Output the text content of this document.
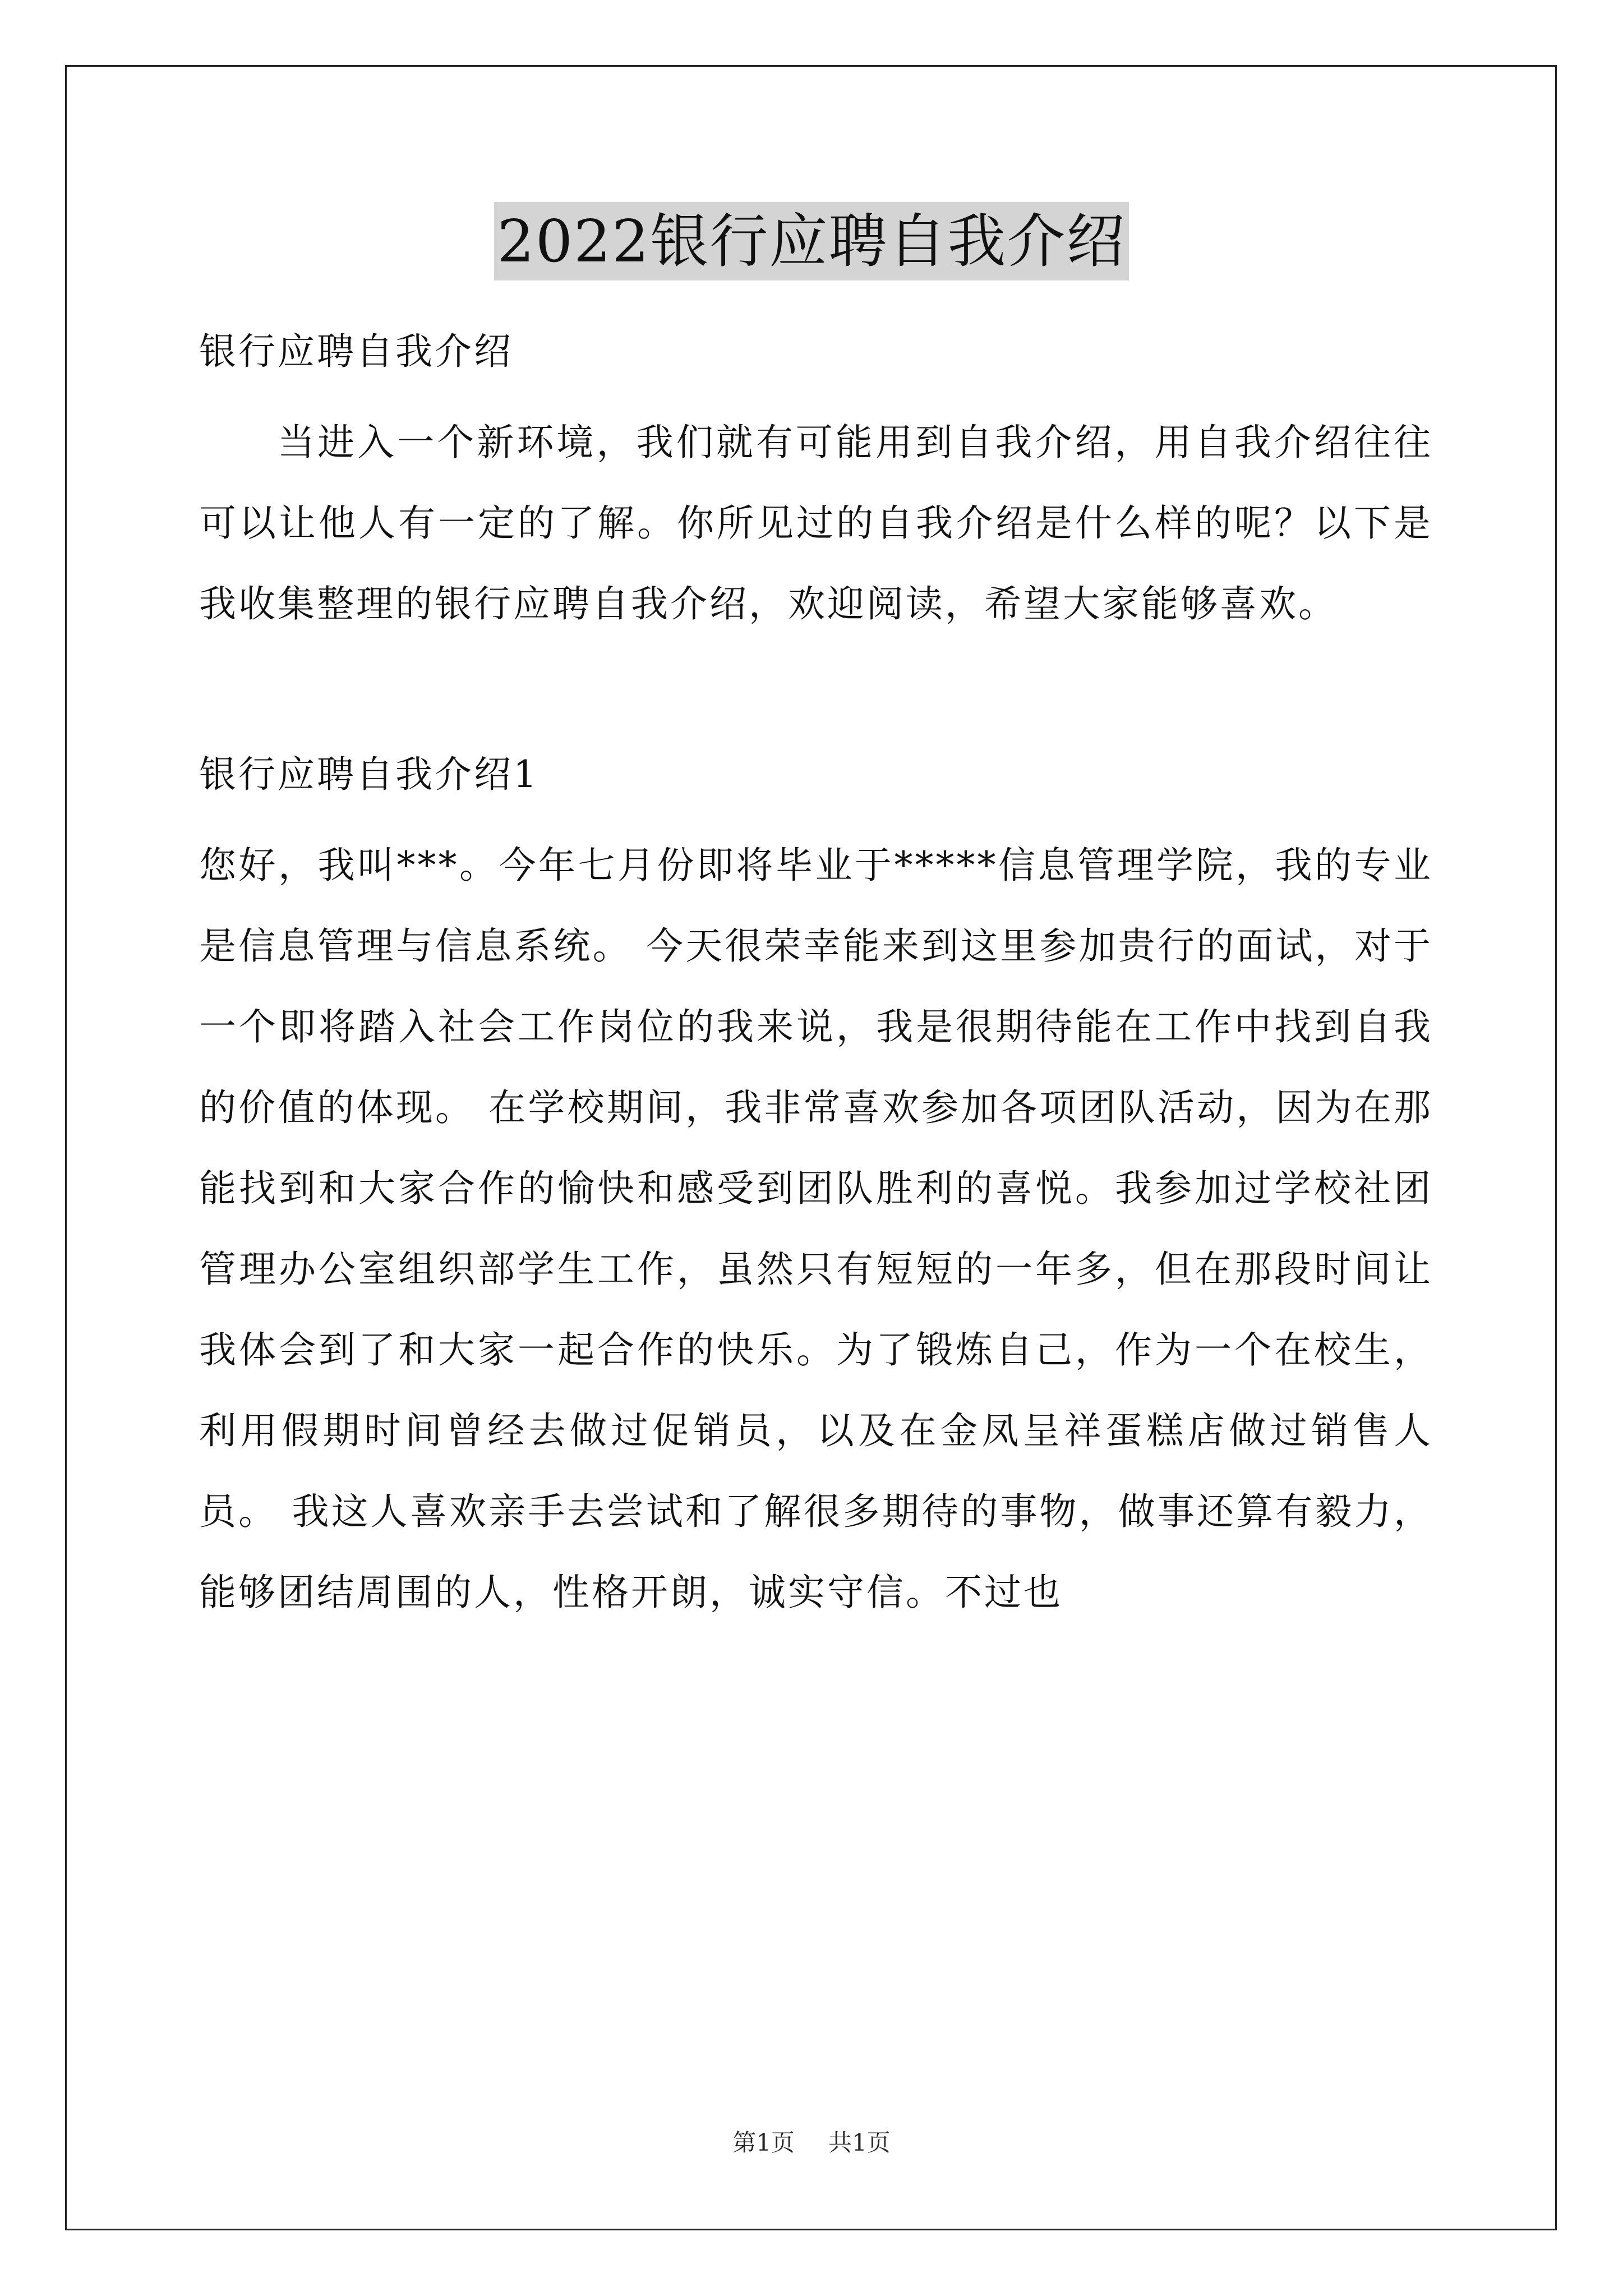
2022银行应聘自我介绍

银行应聘自我介绍

当进入一个新环境，我们就有可能用到自我介绍，用自我介绍往往可以让他人有一定的了解。你所见过的自我介绍是什么样的呢？以下是我收集整理的银行应聘自我介绍，欢迎阅读，希望大家能够喜欢。

银行应聘自我介绍1

您好，我叫***。今年七月份即将毕业于*****信息管理学院，我的专业是信息管理与信息系统。 今天很荣幸能来到这里参加贵行的面试，对于一个即将踏入社会工作岗位的我来说，我是很期待能在工作中找到自我的价值的体现。 在学校期间，我非常喜欢参加各项团队活动，因为在那能找到和大家合作的愉快和感受到团队胜利的喜悦。我参加过学校社团管理办公室组织部学生工作，虽然只有短短的一年多，但在那段时间让我体会到了和大家一起合作的快乐。为了锻炼自己，作为一个在校生，利用假期时间曾经去做过促销员，以及在金凤呈祥蛋糕店做过销售人员。 我这人喜欢亲手去尝试和了解很多期待的事物，做事还算有毅力，能够团结周围的人，性格开朗，诚实守信。不过也

第1页 共1页
